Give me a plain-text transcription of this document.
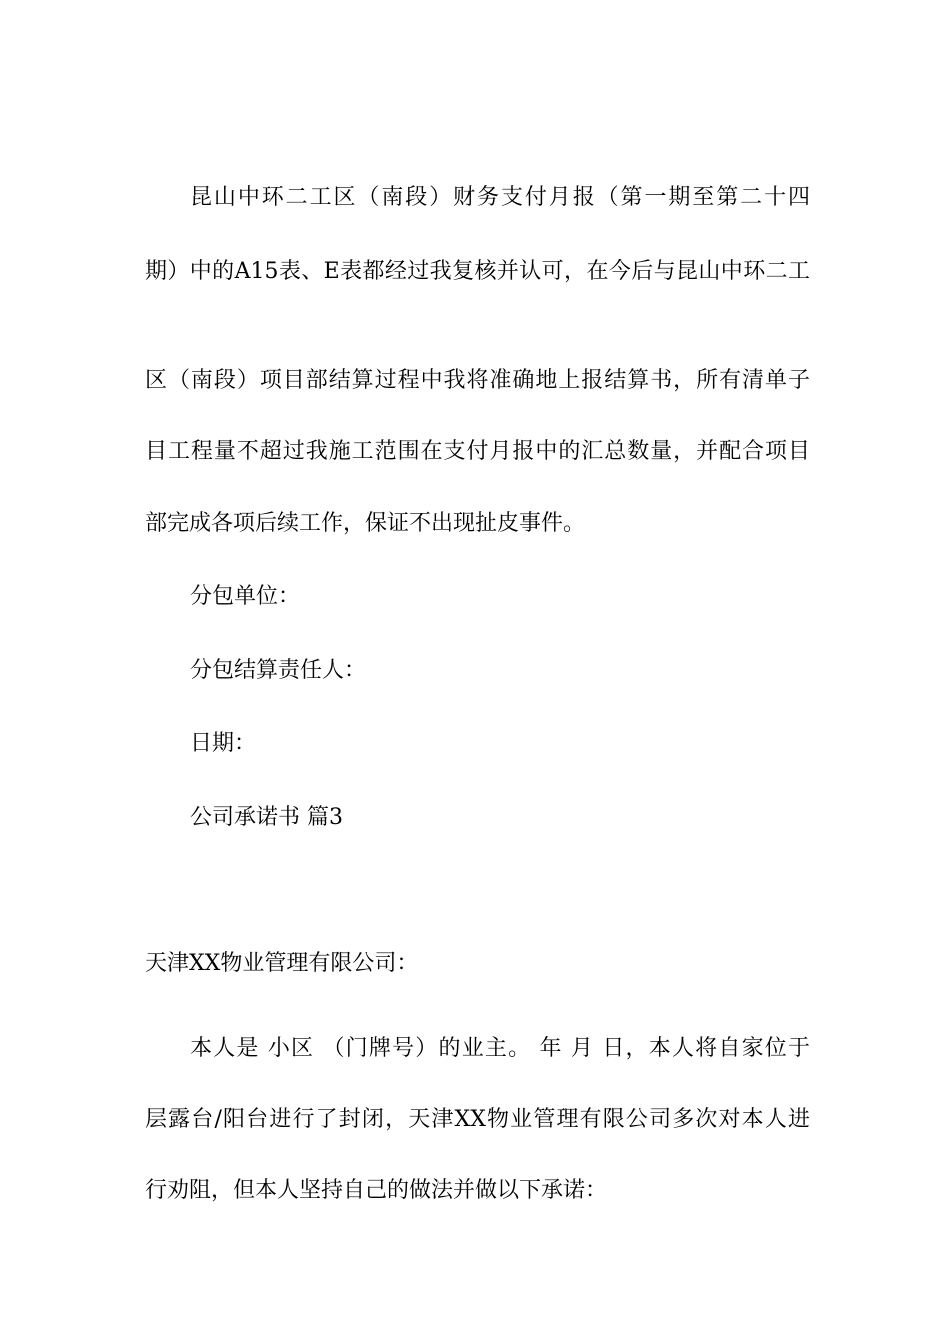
昆山中环二工区（南段）财务支付月报（第一期至第二十四
期）中的A15表、E表都经过我复核并认可，在今后与昆山中环二工
区（南段）项目部结算过程中我将准确地上报结算书，所有清单子
目工程量不超过我施工范围在支付月报中的汇总数量，并配合项目
部完成各项后续工作，保证不出现扯皮事件。
分包单位：
分包结算责任人：
日期：
公司承诺书 篇3
天津XX物业管理有限公司：
本人是 小区 （门牌号）的业主。 年 月 日，本人将自家位于
层露台/阳台进行了封闭，天津XX物业管理有限公司多次对本人进
行劝阻，但本人坚持自己的做法并做以下承诺：
